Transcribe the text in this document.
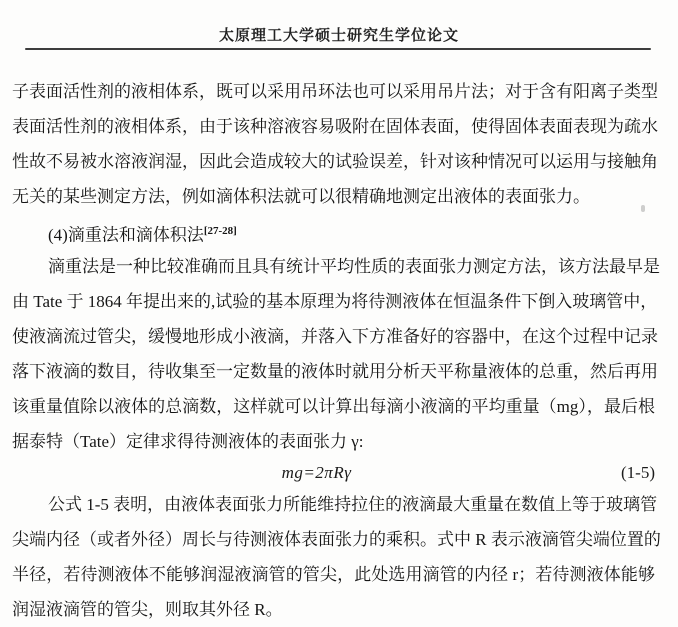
太原理工大学硕士研究生学位论文
子表面活性剂的液相体系，既可以采用吊环法也可以采用吊片法；对于含有阳离子类型
表面活性剂的液相体系，由于该种溶液容易吸附在固体表面，使得固体表面表现为疏水
性故不易被水溶液润湿，因此会造成较大的试验误差，针对该种情况可以运用与接触角
无关的某些测定方法，例如滴体积法就可以很精确地测定出液体的表面张力。
(4)滴重法和滴体积法[27-28]
滴重法是一种比较准确而且具有统计平均性质的表面张力测定方法，该方法最早是
由 Tate 于 1864 年提出来的,试验的基本原理为将待测液体在恒温条件下倒入玻璃管中，
使液滴流过管尖，缓慢地形成小液滴，并落入下方准备好的容器中，在这个过程中记录
落下液滴的数目，待收集至一定数量的液体时就用分析天平称量液体的总重，然后再用
该重量值除以液体的总滴数，这样就可以计算出每滴小液滴的平均重量（mg），最后根
据泰特（Tate）定律求得待测液体的表面张力 γ:
mg=2πRγ	(1-5)
公式 1-5 表明，由液体表面张力所能维持拉住的液滴最大重量在数值上等于玻璃管
尖端内径（或者外径）周长与待测液体表面张力的乘积。式中 R 表示液滴管尖端位置的
半径，若待测液体不能够润湿液滴管的管尖，此处选用滴管的内径 r；若待测液体能够
润湿液滴管的管尖，则取其外径 R。
